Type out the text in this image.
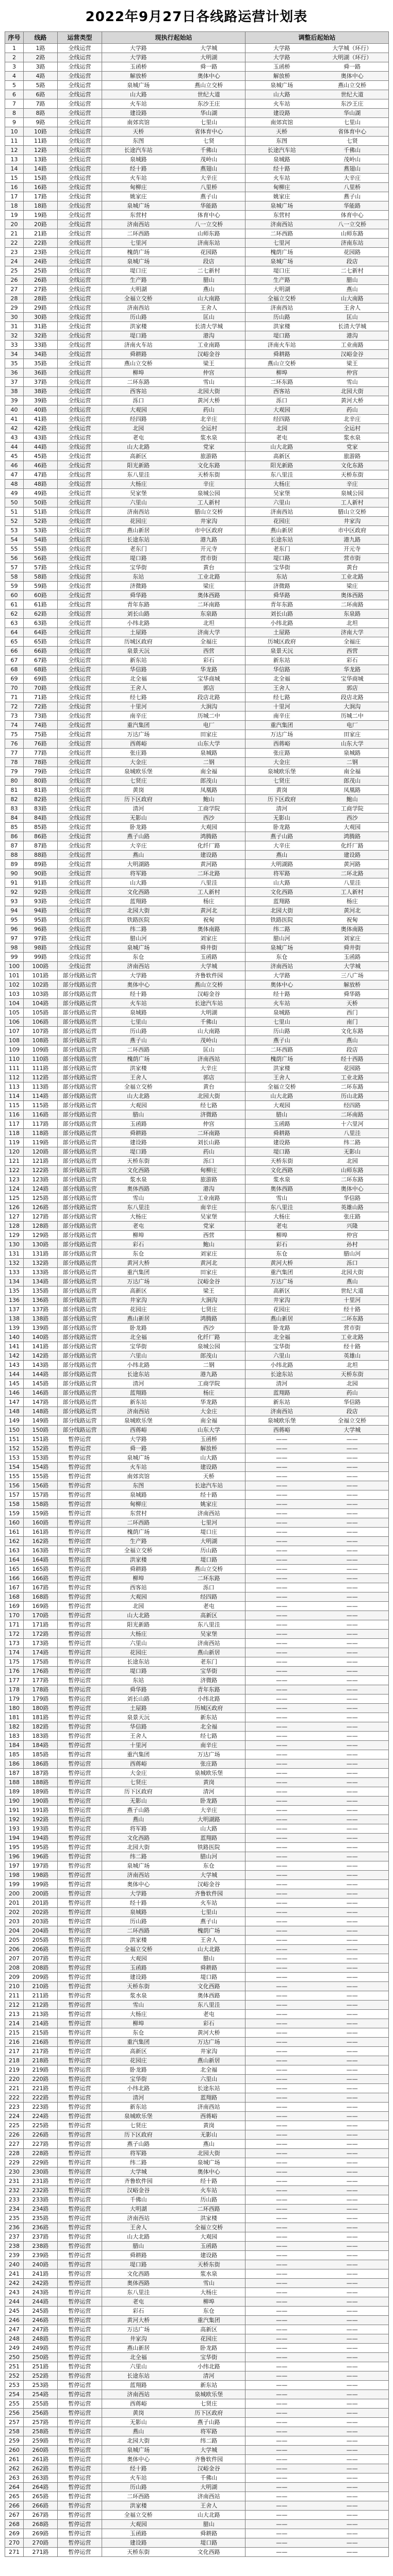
2022年9月27日各线路运营计划表
序号	线路	运营类型	现执行起始站	调整后起始站
1	1路	全线运营	大学路 大学城	大学路 大学城（环行）

2	2路	全线运营	大学路 大明湖	大学路 大明湖（环行）

3	3路	全线运营	玉函桥 舜一路	玉函桥 舜一路

4	4路	全线运营	解放桥 奥体中心	解放桥 奥体中心

5	5路	全线运营	泉城广场 燕山立交桥	泉城广场 燕山立交桥

6	6路	全线运营	山大路 世纪大道	山大路 世纪大道

7	7路	全线运营	火车站 东沙王庄	火车站 东沙王庄

8	8路	全线运营	建设路 华山湖	建设路 华山湖

9	9路	全线运营	南郊宾馆 七里山	南郊宾馆 七里山

10	10路	全线运营	天桥 省体育中心	天桥 省体育中心

11	11路	全线运营	东图 七贤	东图 七贤

12	12路	全线运营	长途汽车站 千佛山	长途汽车站 千佛山

13	13路	全线运营	泉城路 茂岭山	泉城路 茂岭山

14	14路	全线运营	经十路 燕翅山	经十路 燕翅山

15	15路	全线运营	火车站 大辛庄	火车站 大辛庄

16	16路	全线运营	甸柳庄 八里桥	甸柳庄 八里桥

17	17路	全线运营	姚家庄 燕子山	姚家庄 燕子山

18	18路	全线运营	泉城广场 华能路	泉城广场 华能路

19	19路	全线运营	东营村 体育中心	东营村 体育中心

20	20路	全线运营	济南西站 八一立交桥	济南西站 八一立交桥

21	21路	全线运营	二环西路 山师东路	二环西路 山师东路

22	22路	全线运营	七里河 济南东站	七里河 济南东站

23	23路	全线运营	槐荫广场 花园路	槐荫广场 花园路

24	24路	全线运营	泉城广场 段店	泉城广场 段店

25	25路	全线运营	堤口庄 二七新村	堤口庄 二七新村

26	26路	全线运营	生产路 腊山	生产路 腊山

27	27路	全线运营	大明湖 燕山	大明湖 燕山

28	28路	全线运营	全福立交桥 山大南路	全福立交桥 山大南路

29	29路	全线运营	济南西站 王舍人	济南西站 王舍人

30	30路	全线运营	历山路 匡山	历山路 匡山

31	31路	全线运营	洪家楼 长清大学城	洪家楼 长清大学城

32	32路	全线运营	堤口路 港沟	堤口路 港沟

33	33路	全线运营	济南火车站 工业南路	济南火车站 工业南路

34	34路	全线运营	舜耕路 汉峪金谷	舜耕路 汉峪金谷

35	35路	全线运营	燕山立交桥 梁王	燕山立交桥 梁王

36	36路	全线运营	柳埠 仲宫	柳埠 仲宫

37	37路	全线运营	二环东路 雪山	二环东路 雪山

38	38路	全线运营	西客站 北园大街	西客站 北园大街

39	39路	全线运营	泺口 黄河大桥	泺口 黄河大桥

40	40路	全线运营	大观园 药山	大观园 药山

41	41路	全线运营	经四路 北辛庄	经四路 北辛庄

42	42路	全线运营	北园 全运村	北园 全运村

43	43路	全线运营	老屯 浆水泉	老屯 浆水泉

44	44路	全线运营	山大北路 党家	山大北路 党家

45	45路	全线运营	高新区 旅游路	高新区 旅游路

46	46路	全线运营	阳光新路 文化东路	阳光新路 文化东路

47	47路	全线运营	东八里洼 天桥东街	东八里洼 天桥东街

48	48路	全线运营	大杨庄 辛庄	大杨庄 辛庄

49	49路	全线运营	吴家堡 泉城公园	吴家堡 泉城公园

50	50路	全线运营	六里山 工人新村	六里山 工人新村

51	51路	全线运营	济南西站 腊山立交桥	济南西站 腊山立交桥

52	52路	全线运营	花园庄 井家沟	花园庄 井家沟

53	53路	全线运营	燕山新居 市中区政府	燕山新居 市中区政府

54	54路	全线运营	长途东站 港九路	长途东站 港九路

55	55路	全线运营	老东门 开元寺	老东门 开元寺

56	56路	全线运营	堤口路 营市街	堤口路 营市街

57	57路	全线运营	宝华街 黄台	宝华街 黄台

58	58路	全线运营	东站 工业北路	东站 工业北路

59	59路	全线运营	济微路 梁庄	济微路 梁庄

60	60路	全线运营	舜华路 奥体西路	舜华路 奥体西路

61	61路	全线运营	青年东路 二环南路	青年东路 二环南路

62	62路	全线运营	刘长山路 东泉路	刘长山路 东泉路

63	63路	全线运营	小纬北路 北坦	小纬北路 北坦

64	64路	全线运营	土屋路 济南大学	土屋路 济南大学

65	65路	全线运营	历城区政府 全福庄	历城区政府 全福庄

66	66路	全线运营	泉景天沅 西营	泉景天沅 西营

67	67路	全线运营	新东站 彩石	新东站 彩石

68	68路	全线运营	华信路 华龙路	华信路 华龙路

69	69路	全线运营	北全福 宝华商城	北全福 宝华商城

70	70路	全线运营	王舍人 郭店	王舍人 郭店

71	71路	全线运营	经七路 段店北路	经七路 段店北路

72	72路	全线运营	十里河 大涧沟	十里河 大涧沟

73	73路	全线运营	南辛庄 历城二中	南辛庄 历城二中

74	74路	全线运营	重汽集团 电厂	重汽集团 电厂

75	75路	全线运营	万达广场 田家庄	万达广场 田家庄

76	76路	全线运营	西蒋峪 山东大学	西蒋峪 山东大学

77	77路	全线运营	张庄路 泉城路	张庄路 泉城路

78	78路	全线运营	大金庄 二钢	大金庄 二钢

79	79路	全线运营	泉城欧乐堡 南全福	泉城欧乐堡 南全福

80	80路	全线运营	七贤庄 郎茂山	七贤庄 郎茂山

81	81路	全线运营	黄岗 凤凰路	黄岗 凤凰路

82	82路	全线运营	历下区政府 鲍山	历下区政府 鲍山

83	83路	全线运营	清河 工商学院	清河 工商学院

84	84路	全线运营	无影山 西沙	无影山 西沙

85	85路	全线运营	卧龙路 大观园	卧龙路 大观园

86	86路	全线运营	燕子山路 鸿腾路	燕子山路 鸿腾路

87	87路	全线运营	大辛庄 化纤厂路	大辛庄 化纤厂路

88	88路	全线运营	燕山 建设路	燕山 建设路

89	89路	全线运营	大明湖路 黄河路	大明湖路 黄河路

90	90路	全线运营	将军路 二环北路	将军路 二环北路

91	91路	全线运营	山大路 八里洼	山大路 八里洼

92	92路	全线运营	文化西路 工人新村	文化西路 工人新村

93	93路	全线运营	蓝翔路 杨庄	蓝翔路 杨庄

94	94路	全线运营	北园大街 黄河北	北园大街 黄河北

95	95路	全线运营	铁路医院 祝甸	铁路医院 祝甸

96	96路	全线运营	纬二路 奥体南路	纬二路 奥体南路

97	97路	全线运营	腊山河 刘家庄	腊山河 刘家庄

98	98路	全线运营	泉城广场 舜井街	泉城广场 舜井街

99	99路	全线运营	东仓 玉函路	东仓 玉函路

100	100路	全线运营	济南西站 大学城	济南西站 大学城

101	101路	部分线路运营	大学路 齐鲁软件园	大学路 三八广场

102	102路	部分线路运营	奥体中心 燕山立交桥	奥体中心 解放桥

103	103路	部分线路运营	经十路 汉峪金谷	经十路 舜华路

104	104路	部分线路运营	火车站 长途汽车站	火车站 天桥

105	105路	部分线路运营	泉城路 大明湖	泉城路 西门

106	106路	部分线路运营	七里山 千佛山	七里山 南门

107	107路	部分线路运营	历山路 山大南路	历山路 文化东路

108	108路	部分线路运营	燕子山 茂岭山	燕子山 燕山

109	109路	部分线路运营	二环西路 匡山	二环西路 段店

110	110路	部分线路运营	槐荫广场 济南西站	槐荫广场 经十西路

111	111路	部分线路运营	洪家楼 大辛庄	洪家楼 花园路

112	112路	部分线路运营	王舍人 郭店	王舍人 工业北路

113	113路	部分线路运营	全福立交桥 黄台	全福立交桥 二环东路

114	114路	部分线路运营	山大北路 北园大街	山大北路 历山北路

115	115路	部分线路运营	大观园 经七路	大观园 经四路

116	116路	部分线路运营	腊山 济微路	腊山 二环南路

117	117路	部分线路运营	玉函路 仲宫	玉函路 十六里河

118	118路	部分线路运营	舜耕路 二环南路	舜耕路 八里洼

119	119路	部分线路运营	建设路 刘长山路	建设路 纬二路

120	120路	部分线路运营	堤口路 药山	堤口路 无影山

121	121路	部分线路运营	天桥东街 泺口	天桥东街 北园

122	122路	部分线路运营	文化西路 甸柳庄	文化西路 山师东路

123	123路	部分线路运营	浆水泉 旅游路	浆水泉 二环东路

124	124路	部分线路运营	奥体西路 港沟	奥体西路 奥体中心

125	125路	部分线路运营	雪山 工业南路	雪山 华信路

126	126路	部分线路运营	东八里洼 南辛庄	东八里洼 英雄山路

127	127路	部分线路运营	大杨庄 吴家堡	大杨庄 张庄路

128	128路	部分线路运营	老屯 党家	老屯 兴隆

129	129路	部分线路运营	柳埠 西营	柳埠 仲宫

130	130路	部分线路运营	彩石 鲍山	彩石 孙村

131	131路	部分线路运营	东仓 刘家庄	东仓 腊山河

132	132路	部分线路运营	黄河大桥 黄河北	黄河大桥 泺口

133	133路	部分线路运营	重汽集团 田家庄	重汽集团 北园大街

134	134路	部分线路运营	万达广场 汉峪金谷	万达广场 燕山

135	135路	部分线路运营	高新区 梁王	高新区 世纪大道

136	136路	部分线路运营	井家沟 大涧沟	井家沟 十里河

137	137路	部分线路运营	花园庄 七贤庄	花园庄 经十路

138	138路	部分线路运营	燕山新居 鸿腾路	燕山新居 二环东路

139	139路	部分线路运营	卧龙路 西沙	卧龙路 营市街

140	140路	部分线路运营	北全福 化纤厂路	北全福 工业北路

141	141路	部分线路运营	宝华街 泉城公园	宝华街 经十路

142	142路	部分线路运营	六里山 郎茂山	六里山 英雄山

143	143路	部分线路运营	小纬北路 二钢	小纬北路 北坦

144	144路	部分线路运营	长途东站 港九路	长途东站 天桥东街

145	145路	部分线路运营	清河 工商学院	清河 北园

146	146路	部分线路运营	蓝翔路 杨庄	蓝翔路 药山

147	147路	部分线路运营	新东站 华龙路	新东站 华信路

148	148路	部分线路运营	济南西站 大金庄	济南西站 段店

149	149路	部分线路运营	泉城欧乐堡 南全福	泉城欧乐堡 全福立交桥

150	150路	部分线路运营	西蒋峪 山东大学	西蒋峪 大学城

151	151路	暂停运营	大学路 玉函桥	—— ——

152	152路	暂停运营	舜一路 解放桥	—— ——

153	153路	暂停运营	泉城广场 山大路	—— ——

154	154路	暂停运营	火车站 建设路	—— ——

155	155路	暂停运营	南郊宾馆 天桥	—— ——

156	156路	暂停运营	东图 长途汽车站	—— ——

157	157路	暂停运营	泉城路 经十路	—— ——

158	158路	暂停运营	甸柳庄 姚家庄	—— ——

159	159路	暂停运营	东营村 济南西站	—— ——

160	160路	暂停运营	二环西路 七里河	—— ——

161	161路	暂停运营	槐荫广场 堤口庄	—— ——

162	162路	暂停运营	生产路 大明湖	—— ——

163	163路	暂停运营	全福立交桥 历山路	—— ——

164	164路	暂停运营	洪家楼 堤口路	—— ——

165	165路	暂停运营	舜耕路 燕山立交桥	—— ——

166	166路	暂停运营	柳埠 二环东路	—— ——

167	167路	暂停运营	西客站 泺口	—— ——

168	168路	暂停运营	大观园 经四路	—— ——

169	169路	暂停运营	北园 老屯	—— ——

170	170路	暂停运营	山大北路 高新区	—— ——

171	171路	暂停运营	阳光新路 东八里洼	—— ——

172	172路	暂停运营	大杨庄 吴家堡	—— ——

173	173路	暂停运营	六里山 济南西站	—— ——

174	174路	暂停运营	花园庄 燕山新居	—— ——

175	175路	暂停运营	长途东站 老东门	—— ——

176	176路	暂停运营	堤口路 宝华街	—— ——

177	177路	暂停运营	东站 济微路	—— ——

178	178路	暂停运营	舜华路 青年东路	—— ——

179	179路	暂停运营	刘长山路 小纬北路	—— ——

180	180路	暂停运营	土屋路 历城区政府	—— ——

181	181路	暂停运营	泉景天沅 新东站	—— ——

182	182路	暂停运营	华信路 北全福	—— ——

183	183路	暂停运营	王舍人 经七路	—— ——

184	184路	暂停运营	十里河 南辛庄	—— ——

185	185路	暂停运营	重汽集团 万达广场	—— ——

186	186路	暂停运营	西蒋峪 张庄路	—— ——

187	187路	暂停运营	大金庄 泉城欧乐堡	—— ——

188	188路	暂停运营	七贤庄 黄岗	—— ——

189	189路	暂停运营	历下区政府 清河	—— ——

190	190路	暂停运营	无影山 卧龙路	—— ——

191	191路	暂停运营	燕子山路 大辛庄	—— ——

192	192路	暂停运营	燕山 大明湖路	—— ——

193	193路	暂停运营	将军路 山大路	—— ——

194	194路	暂停运营	文化西路 蓝翔路	—— ——

195	195路	暂停运营	北园大街 铁路医院	—— ——

196	196路	暂停运营	纬二路 腊山河	—— ——

197	197路	暂停运营	泉城广场 东仓	—— ——

198	198路	暂停运营	济南西站 大学城	—— ——

199	199路	暂停运营	奥体中心 汉峪金谷	—— ——

200	200路	暂停运营	大学路 齐鲁软件园	—— ——

201	201路	暂停运营	经十路 火车站	—— ——

202	202路	暂停运营	泉城路 七里山	—— ——

203	203路	暂停运营	历山路 燕子山	—— ——

204	204路	暂停运营	二环西路 槐荫广场	—— ——

205	205路	暂停运营	洪家楼 王舍人	—— ——

206	206路	暂停运营	全福立交桥 山大北路	—— ——

207	207路	暂停运营	大观园 腊山	—— ——

208	208路	暂停运营	玉函路 舜耕路	—— ——

209	209路	暂停运营	建设路 堤口路	—— ——

210	210路	暂停运营	天桥东街 文化西路	—— ——

211	211路	暂停运营	浆水泉 奥体西路	—— ——

212	212路	暂停运营	雪山 东八里洼	—— ——

213	213路	暂停运营	大杨庄 老屯	—— ——

214	214路	暂停运营	柳埠 彩石	—— ——

215	215路	暂停运营	东仓 黄河大桥	—— ——

216	216路	暂停运营	重汽集团 万达广场	—— ——

217	217路	暂停运营	高新区 井家沟	—— ——

218	218路	暂停运营	花园庄 燕山新居	—— ——

219	219路	暂停运营	卧龙路 北全福	—— ——

220	220路	暂停运营	宝华街 六里山	—— ——

221	221路	暂停运营	小纬北路 长途东站	—— ——

222	222路	暂停运营	清河 蓝翔路	—— ——

223	223路	暂停运营	新东站 济南西站	—— ——

224	224路	暂停运营	泉城欧乐堡 西蒋峪	—— ——

225	225路	暂停运营	七贤庄 黄岗	—— ——

226	226路	暂停运营	历下区政府 无影山	—— ——

227	227路	暂停运营	燕子山路 燕山	—— ——

228	228路	暂停运营	将军路 北园大街	—— ——

229	229路	暂停运营	纬二路 泉城广场	—— ——

230	230路	暂停运营	大学城 奥体中心	—— ——

231	231路	暂停运营	齐鲁软件园 经十路	—— ——

232	232路	暂停运营	汉峪金谷 火车站	—— ——

233	233路	暂停运营	千佛山 历山路	—— ——

234	234路	暂停运营	大明湖 二环西路	—— ——

235	235路	暂停运营	济南西站 洪家楼	—— ——

236	236路	暂停运营	王舍人 全福立交桥	—— ——

237	237路	暂停运营	山大北路 大观园	—— ——

238	238路	暂停运营	腊山 玉函路	—— ——

239	239路	暂停运营	舜耕路 建设路	—— ——

240	240路	暂停运营	堤口路 天桥东街	—— ——

241	241路	暂停运营	文化西路 浆水泉	—— ——

242	242路	暂停运营	奥体西路 雪山	—— ——

243	243路	暂停运营	东八里洼 大杨庄	—— ——

244	244路	暂停运营	老屯 柳埠	—— ——

245	245路	暂停运营	彩石 东仓	—— ——

246	246路	暂停运营	黄河大桥 重汽集团	—— ——

247	247路	暂停运营	万达广场 高新区	—— ——

248	248路	暂停运营	井家沟 花园庄	—— ——

249	249路	暂停运营	燕山新居 卧龙路	—— ——

250	250路	暂停运营	北全福 宝华街	—— ——

251	251路	暂停运营	六里山 小纬北路	—— ——

252	252路	暂停运营	长途东站 清河	—— ——

253	253路	暂停运营	蓝翔路 新东站	—— ——

254	254路	暂停运营	济南西站 泉城欧乐堡	—— ——

255	255路	暂停运营	西蒋峪 七贤庄	—— ——

256	256路	暂停运营	黄岗 历下区政府	—— ——

257	257路	暂停运营	无影山 燕子山路	—— ——

258	258路	暂停运营	燕山 将军路	—— ——

259	259路	暂停运营	北园大街 纬二路	—— ——

260	260路	暂停运营	泉城广场 大学城	—— ——

261	261路	暂停运营	奥体中心 齐鲁软件园	—— ——

262	262路	暂停运营	经十路 汉峪金谷	—— ——

263	263路	暂停运营	火车站 千佛山	—— ——

264	264路	暂停运营	历山路 大明湖	—— ——

265	265路	暂停运营	二环西路 济南西站	—— ——

266	266路	暂停运营	洪家楼 王舍人	—— ——

267	267路	暂停运营	全福立交桥 山大北路	—— ——

268	268路	暂停运营	大观园 腊山	—— ——

269	269路	暂停运营	玉函路 舜耕路	—— ——

270	270路	暂停运营	建设路 堤口路	—— ——

271	271路	暂停运营	天桥东街 文化西路	—— ——
